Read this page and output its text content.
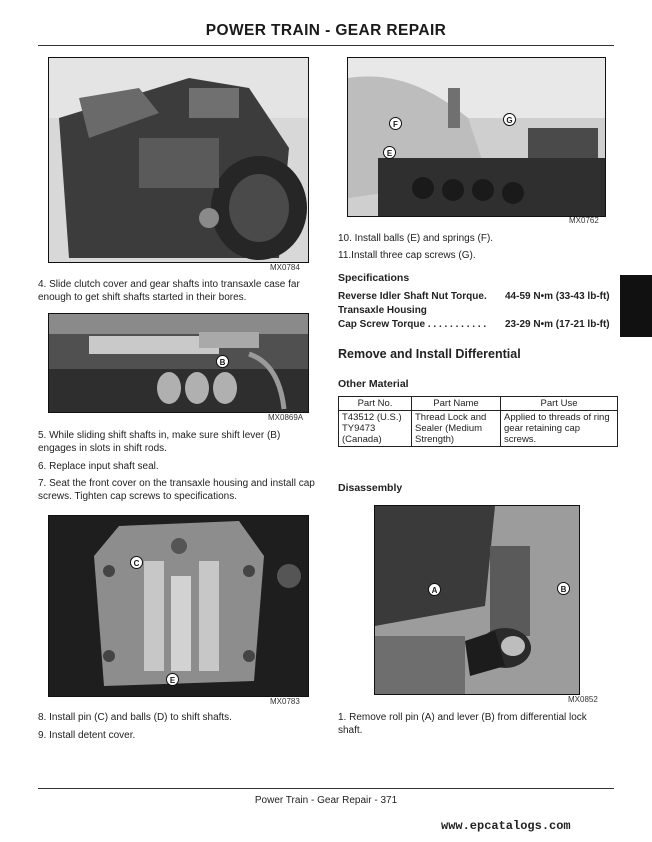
POWER TRAIN - GEAR REPAIR
MX0784
4. Slide clutch cover and gear shafts into transaxle case far enough to get shift shafts started in their bores.
B
MX0869A
5. While sliding shift shafts in, make sure shift lever (B) engages in slots in shift rods.
6. Replace input shaft seal.
7. Seat the front cover on the transaxle housing and install cap screws. Tighten cap screws to specifications.
C
E
MX0783
8. Install pin (C) and balls (D) to shift shafts.
9. Install detent cover.
F
E
G
MX0762
10. Install balls (E) and springs (F).
11.Install three cap screws (G).
Specifications
Reverse Idler Shaft Nut Torque. 44-59 N•m (33-43 lb-ft)
Transaxle Housing
Cap Screw Torque . . . . . . . . . . . 23-29 N•m (17-21 lb-ft)
Remove and Install Differential
Other Material
Part No.	Part Name	Part Use
T43512 (U.S.) TY9473 (Canada)	Thread Lock and Sealer (Medium Strength)	Applied to threads of ring gear retaining cap screws.
Disassembly
A	B
MX0852
1. Remove roll pin (A) and lever (B) from differential lock shaft.
Power Train - Gear Repair - 371
www.epcatalogs.com
